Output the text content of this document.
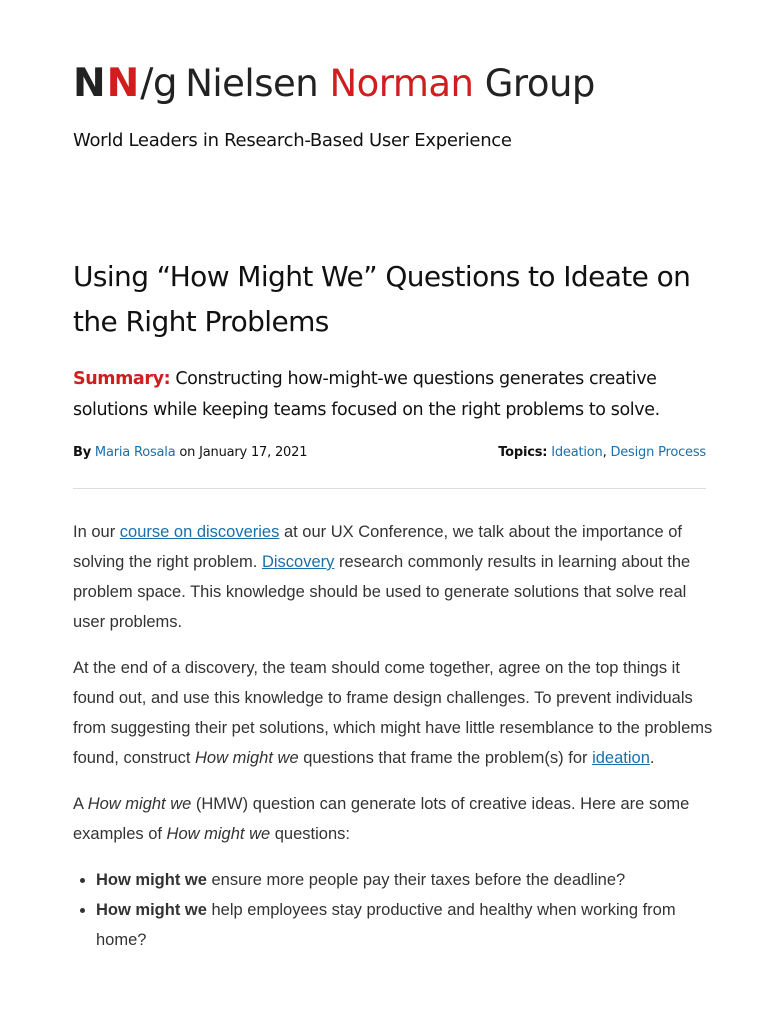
NN/g Nielsen Norman Group
World Leaders in Research-Based User Experience
Using “How Might We” Questions to Ideate on the Right Problems

Summary: Constructing how-might-we questions generates creative solutions while keeping teams focused on the right problems to solve.

By Maria Rosala on January 17, 2021	Topics: Ideation, Design Process

In our course on discoveries at our UX Conference, we talk about the importance of solving the right problem. Discovery research commonly results in learning about the problem space. This knowledge should be used to generate solutions that solve real user problems.

At the end of a discovery, the team should come together, agree on the top things it found out, and use this knowledge to frame design challenges. To prevent individuals from suggesting their pet solutions, which might have little resemblance to the problems found, construct How might we questions that frame the problem(s) for ideation.

A How might we (HMW) question can generate lots of creative ideas. Here are some examples of How might we questions:

• How might we ensure more people pay their taxes before the deadline?
• How might we help employees stay productive and healthy when working from home?
